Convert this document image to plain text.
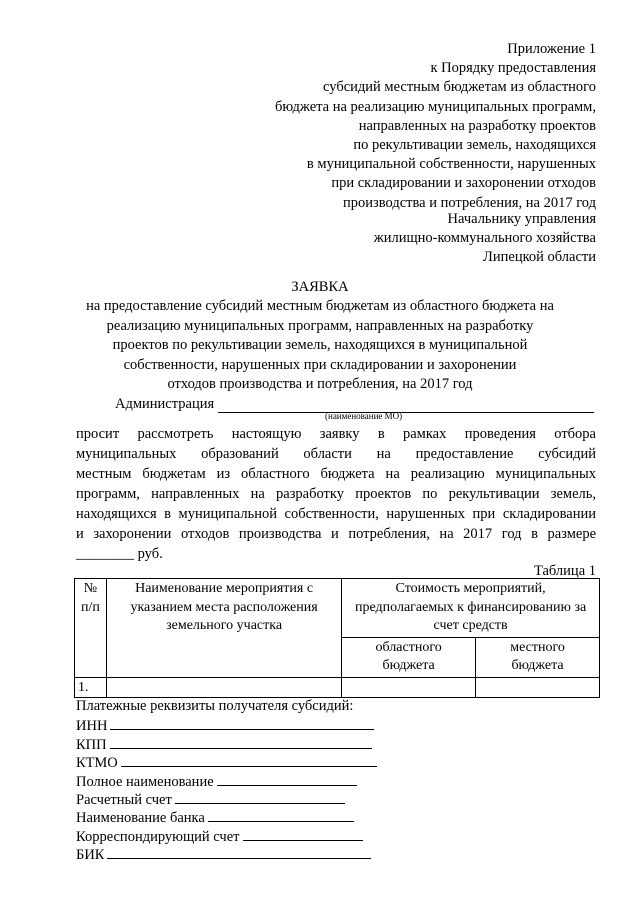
Приложение 1
к Порядку предоставления
субсидий местным бюджетам из областного
бюджета на реализацию муниципальных программ,
направленных на разработку проектов
по рекультивации земель, находящихся
в муниципальной собственности, нарушенных
при складировании и захоронении отходов
производства и потребления, на 2017 год
Начальнику управления
жилищно-коммунального хозяйства
Липецкой области
ЗАЯВКА
на предоставление субсидий местным бюджетам из областного бюджета на
реализацию муниципальных программ, направленных на разработку
проектов по рекультивации земель, находящихся в муниципальной
собственности, нарушенных при складировании и захоронении
отходов производства и потребления, на 2017 год
Администрация
(наименование МО)
просит рассмотреть настоящую заявку в рамках проведения отбора
муниципальных образований области на предоставление субсидий
местным бюджетам из областного бюджета на реализацию муниципальных
программ, направленных на разработку проектов по рекультивации земель,
находящихся в муниципальной собственности, нарушенных при складировании
и захоронении отходов производства и потребления, на 2017 год в размере
________ руб.
Таблица 1
№ п/п	Наименование мероприятия с указанием места расположения земельного участка	Стоимость мероприятий, предполагаемых к финансированию за счет средств	
		областного бюджета	местного бюджета
1.			
Платежные реквизиты получателя субсидий:
ИНН
КПП
КТМО
Полное наименование
Расчетный счет
Наименование банка
Корреспондирующий счет
БИК
